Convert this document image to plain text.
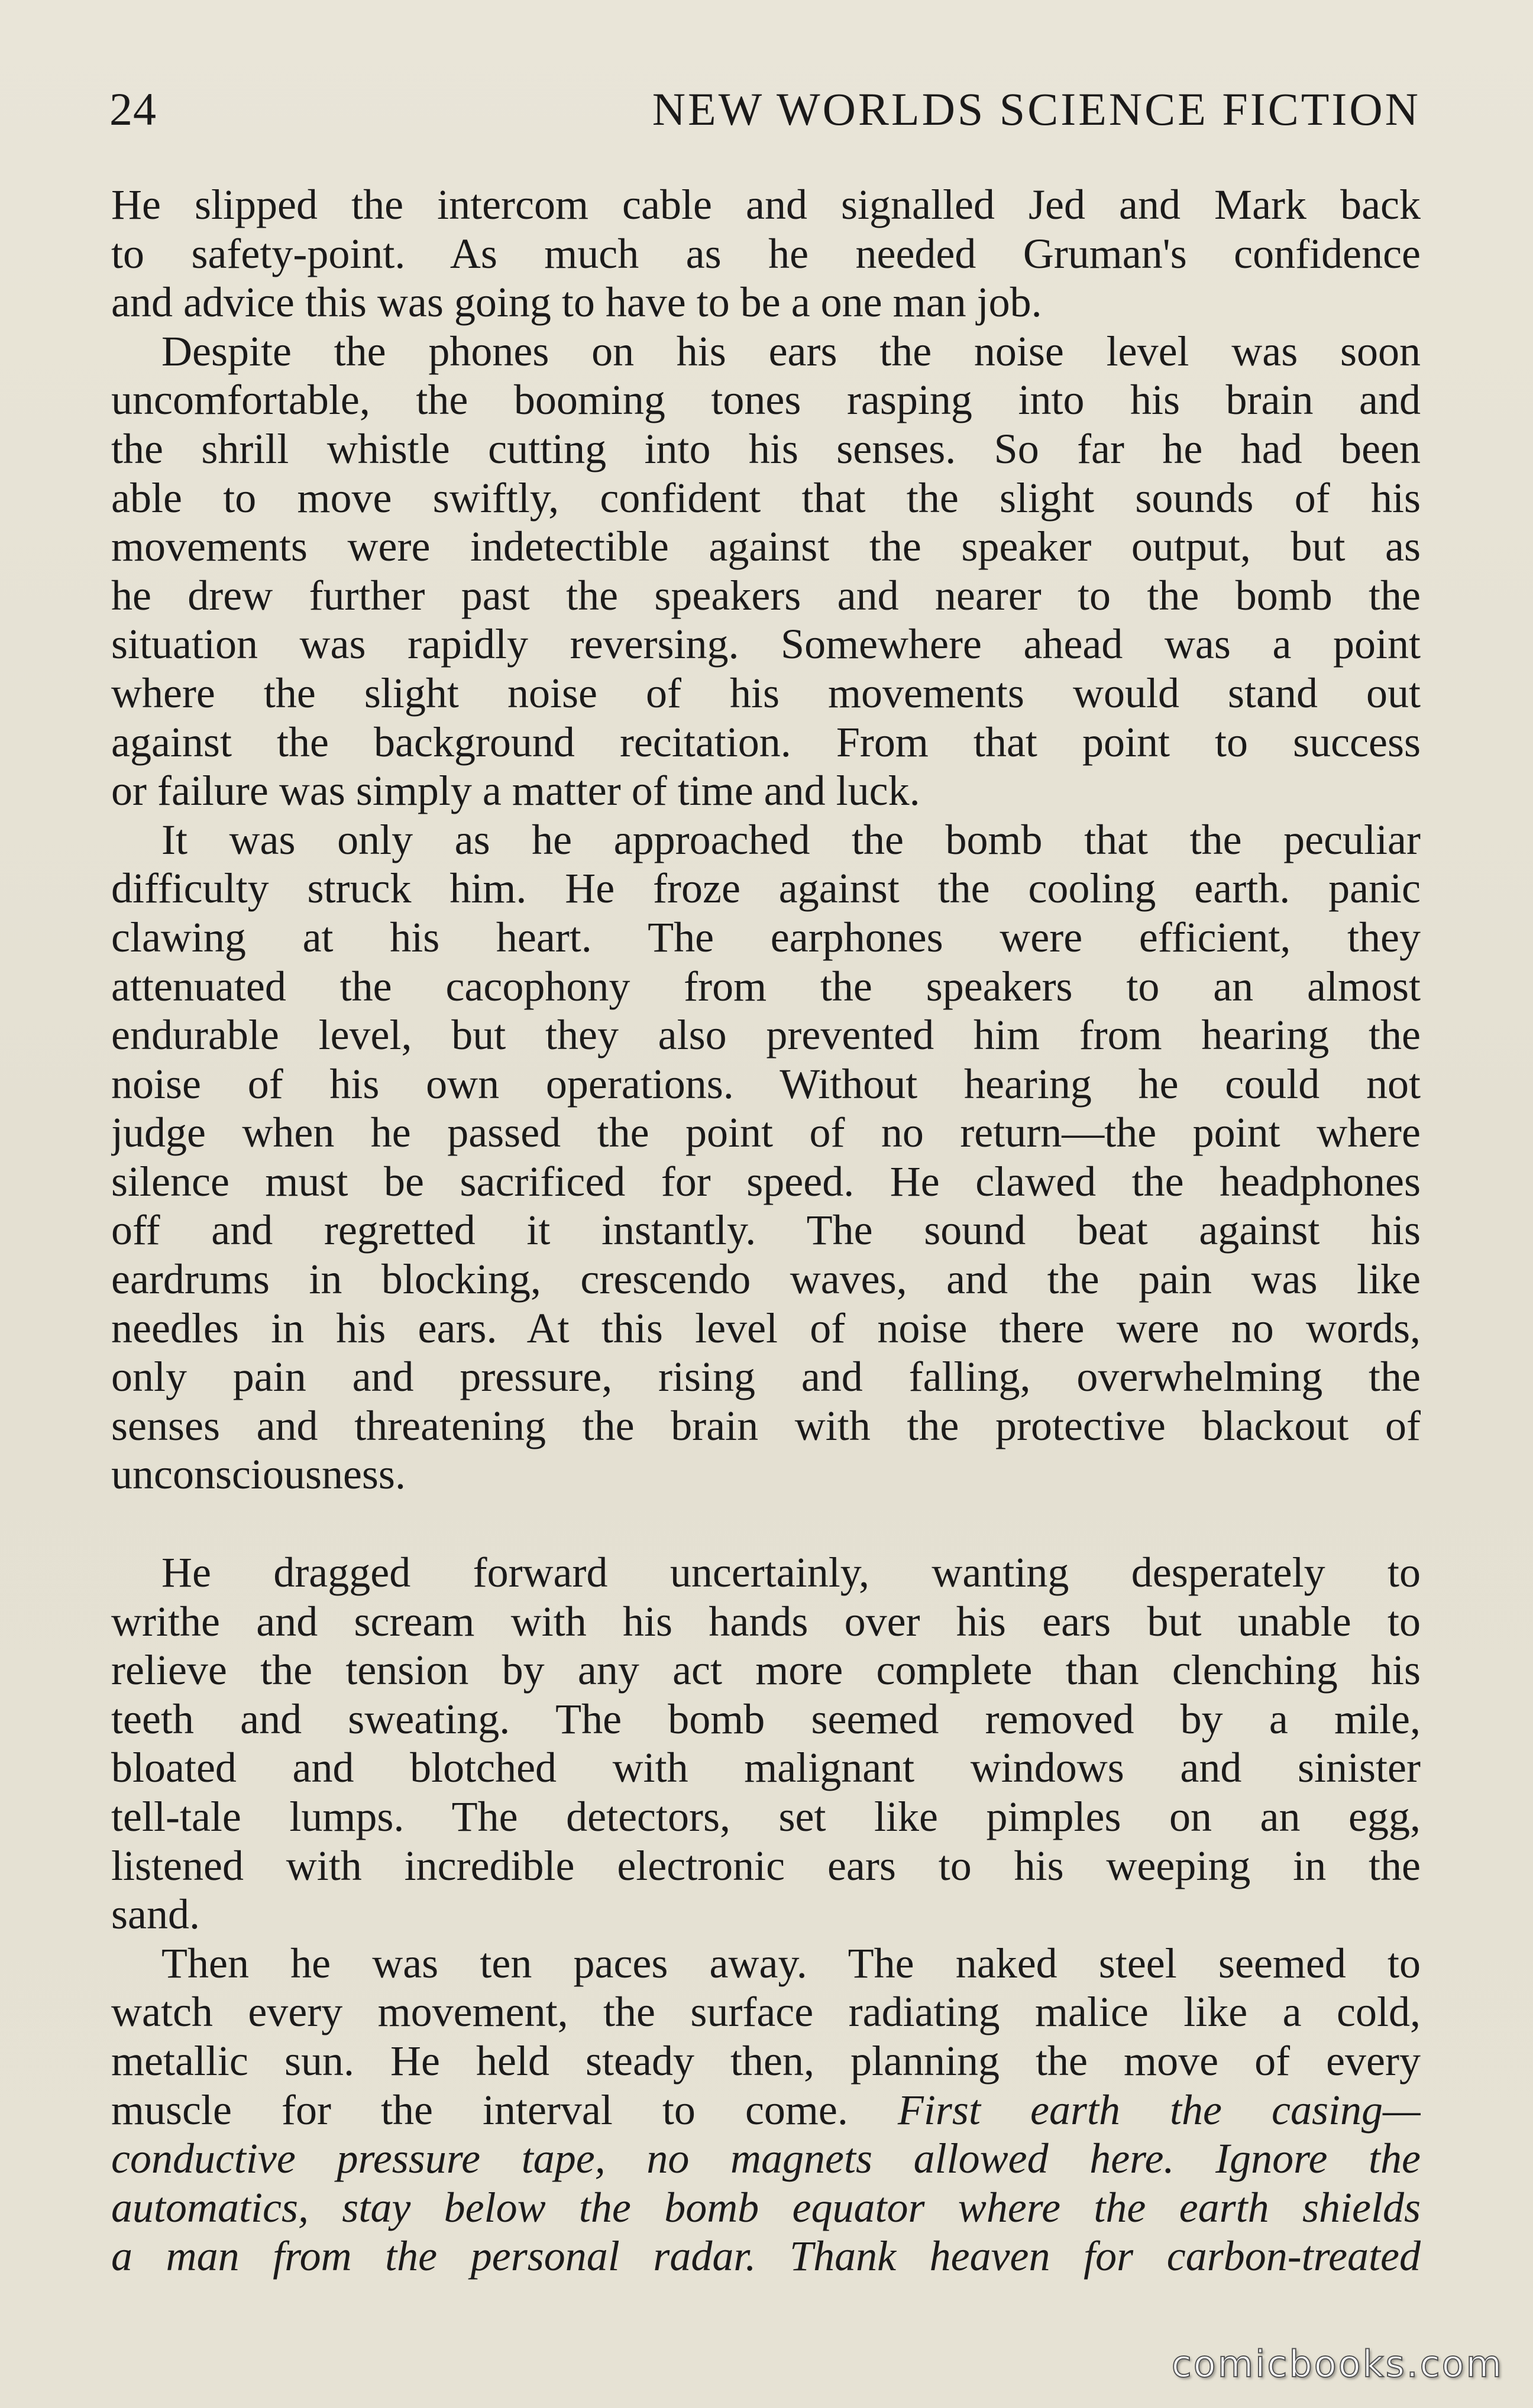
24	NEW WORLDS SCIENCE FICTION
He slipped the intercom cable and signalled Jed and Mark back
to safety-point. As much as he needed Gruman's confidence
and advice this was going to have to be a one man job.
Despite the phones on his ears the noise level was soon
uncomfortable, the booming tones rasping into his brain and
the shrill whistle cutting into his senses. So far he had been
able to move swiftly, confident that the slight sounds of his
movements were indetectible against the speaker output, but as
he drew further past the speakers and nearer to the bomb the
situation was rapidly reversing. Somewhere ahead was a point
where the slight noise of his movements would stand out
against the background recitation. From that point to success
or failure was simply a matter of time and luck.
It was only as he approached the bomb that the peculiar
difficulty struck him. He froze against the cooling earth. panic
clawing at his heart. The earphones were efficient, they
attenuated the cacophony from the speakers to an almost
endurable level, but they also prevented him from hearing the
noise of his own operations. Without hearing he could not
judge when he passed the point of no return—the point where
silence must be sacrificed for speed. He clawed the headphones
off and regretted it instantly. The sound beat against his
eardrums in blocking, crescendo waves, and the pain was like
needles in his ears. At this level of noise there were no words,
only pain and pressure, rising and falling, overwhelming the
senses and threatening the brain with the protective blackout of
unconsciousness.
He dragged forward uncertainly, wanting desperately to
writhe and scream with his hands over his ears but unable to
relieve the tension by any act more complete than clenching his
teeth and sweating. The bomb seemed removed by a mile,
bloated and blotched with malignant windows and sinister
tell-tale lumps. The detectors, set like pimples on an egg,
listened with incredible electronic ears to his weeping in the
sand.
Then he was ten paces away. The naked steel seemed to
watch every movement, the surface radiating malice like a cold,
metallic sun. He held steady then, planning the move of every
muscle for the interval to come. First earth the casing—
conductive pressure tape, no magnets allowed here. Ignore the
automatics, stay below the bomb equator where the earth shields
a man from the personal radar. Thank heaven for carbon-treated
comicbooks.com
